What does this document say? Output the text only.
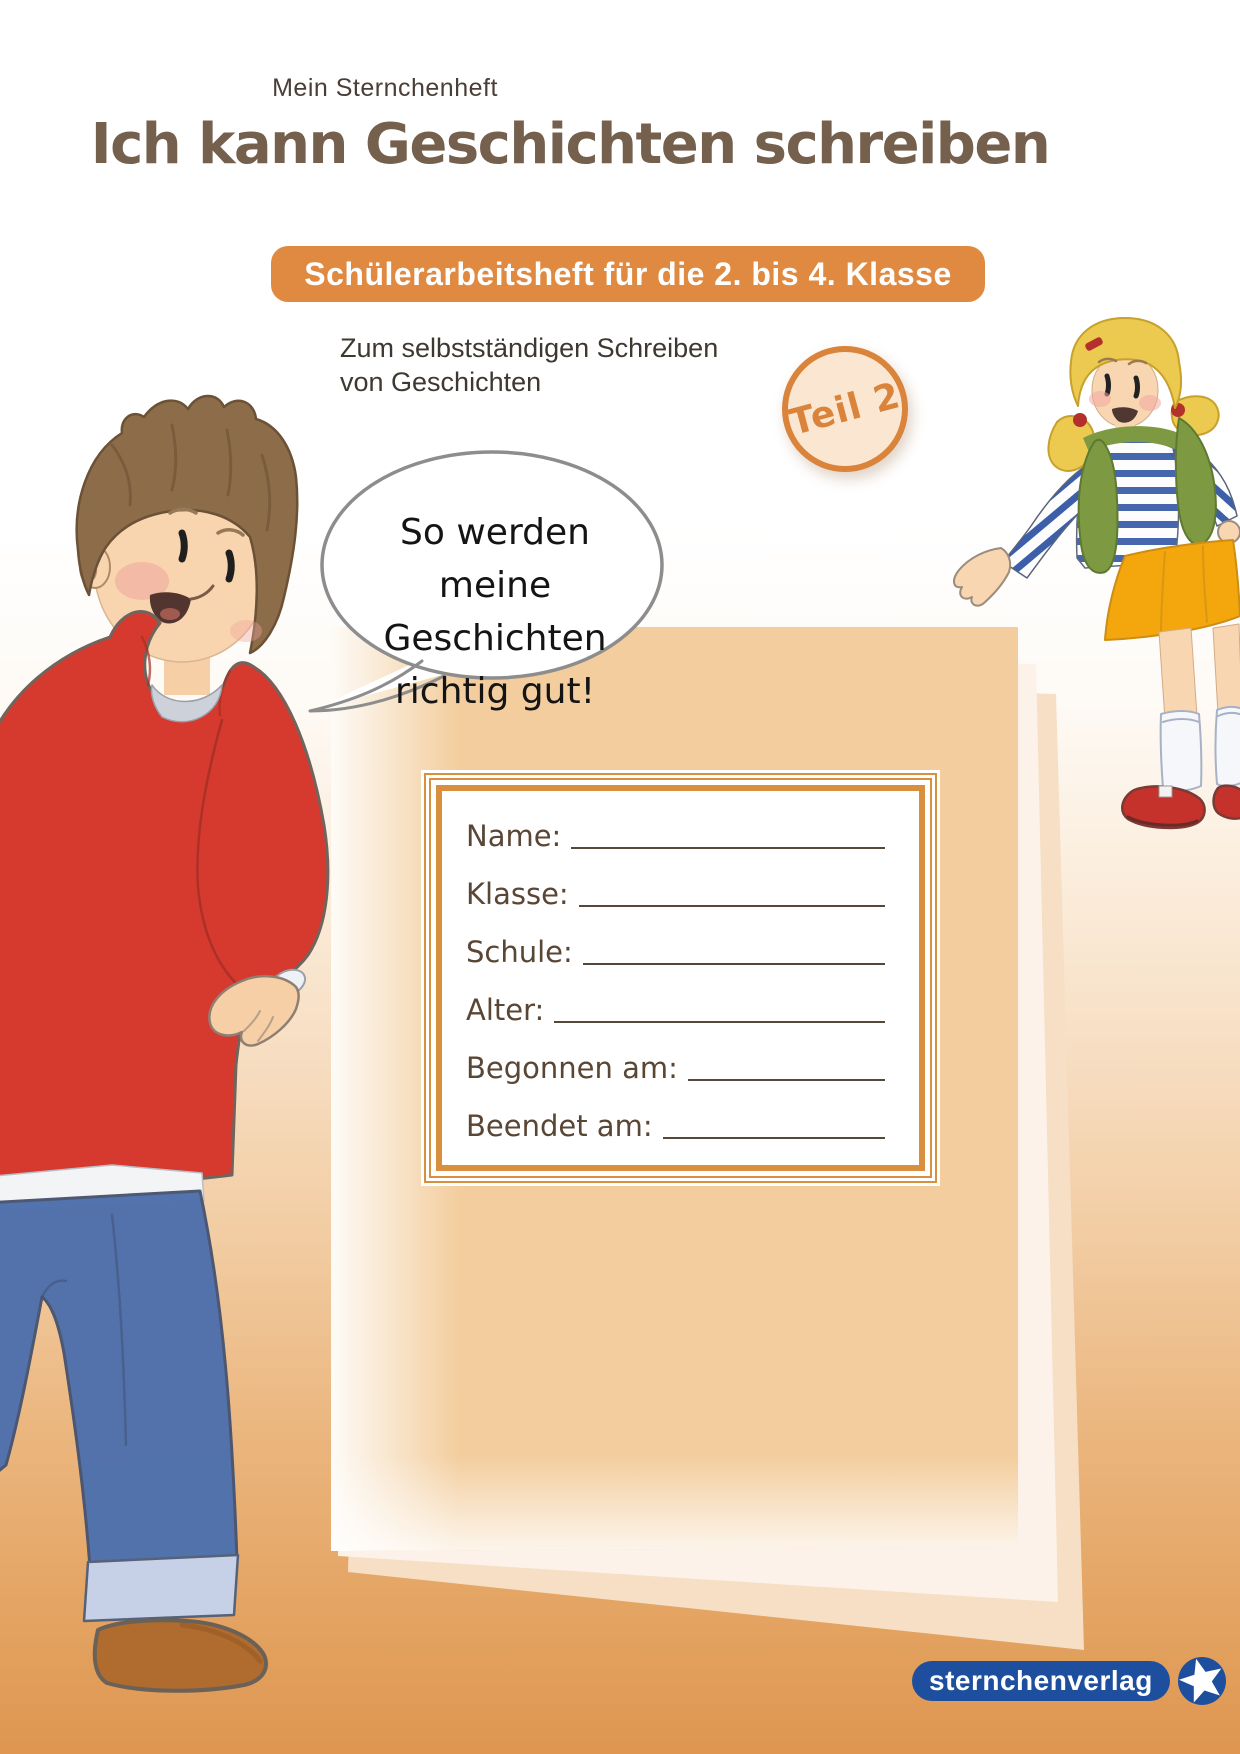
Name:
Klasse:
Schule:
Alter:
Begonnen am:
Beendet am:
So werden
meine Geschichten
richtig gut!
Mein Sternchenheft
Ich kann Geschichten schreiben
Schülerarbeitsheft für die 2. bis 4. Klasse
Zum selbstständigen Schreiben
von Geschichten	Teil 2
sternchenverlag
